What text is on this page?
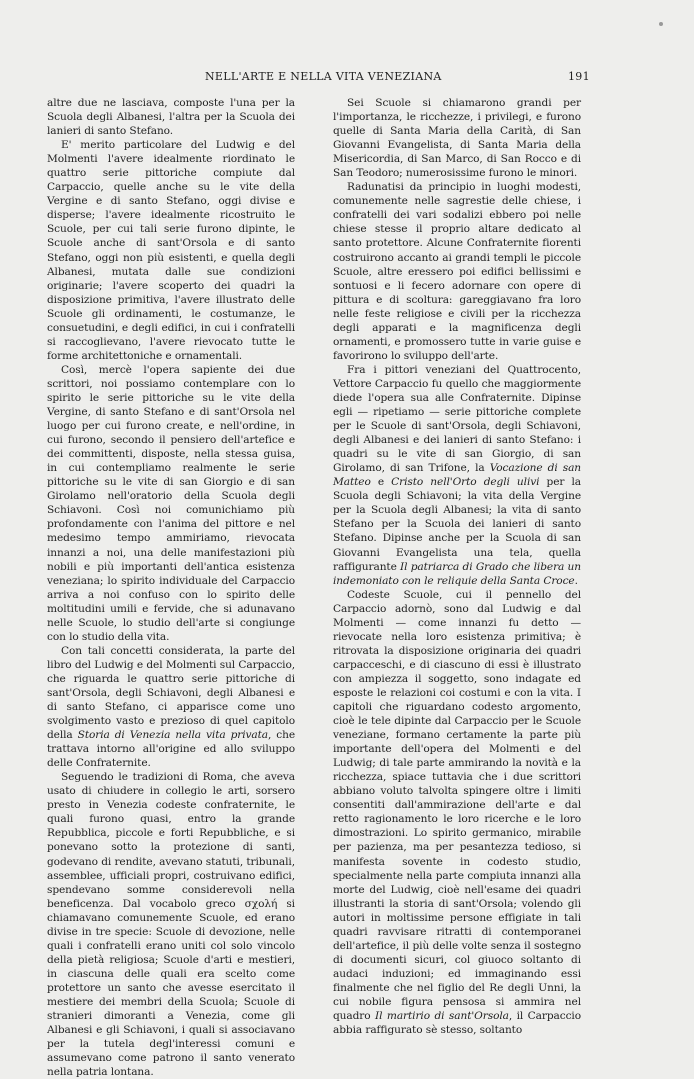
NELL'ARTE E NELLA VITA VENEZIANA	191

altre due ne lasciava, composte l'una per la Scuola degli Albanesi, l'altra per la Scuola dei lanieri di santo Stefano.

E' merito particolare del Ludwig e del Molmenti l'avere idealmente riordinato le quattro serie pittoriche compiute dal Carpaccio, quelle anche su le vite della Vergine e di santo Stefano, oggi divise e disperse; l'avere idealmente ricostruito le Scuole, per cui tali serie furono dipinte, le Scuole anche di sant'Orsola e di santo Stefano, oggi non più esistenti, e quella degli Albanesi, mutata dalle sue condizioni originarie; l'avere scoperto dei quadri la disposizione primitiva, l'avere illustrato delle Scuole gli ordinamenti, le costumanze, le consuetudini, e degli edifici, in cui i confratelli si raccoglievano, l'avere rievocato tutte le forme architettoniche e ornamentali.

Così, mercè l'opera sapiente dei due scrittori, noi possiamo contemplare con lo spirito le serie pittoriche su le vite della Vergine, di santo Stefano e di sant'Orsola nel luogo per cui furono create, e nell'ordine, in cui furono, secondo il pensiero dell'artefice e dei committenti, disposte, nella stessa guisa, in cui contempliamo realmente le serie pittoriche su le vite di san Giorgio e di san Girolamo nell'oratorio della Scuola degli Schiavoni. Così noi comunichiamo più profondamente con l'anima del pittore e nel medesimo tempo ammiriamo, rievocata innanzi a noi, una delle manifestazioni più nobili e più importanti dell'antica esistenza veneziana; lo spirito individuale del Carpaccio arriva a noi confuso con lo spirito delle moltitudini umili e fervide, che si adunavano nelle Scuole, lo studio dell'arte si congiunge con lo studio della vita.

Con tali concetti considerata, la parte del libro del Ludwig e del Molmenti sul Carpaccio, che riguarda le quattro serie pittoriche di sant'Orsola, degli Schiavoni, degli Albanesi e di santo Stefano, ci apparisce come uno svolgimento vasto e prezioso di quel capitolo della Storia di Venezia nella vita privata, che trattava intorno all'origine ed allo sviluppo delle Confraternite.

Seguendo le tradizioni di Roma, che aveva usato di chiudere in collegio le arti, sorsero presto in Venezia codeste confraternite, le quali furono quasi, entro la grande Repubblica, piccole e forti Repubbliche, e si ponevano sotto la protezione di santi, godevano di rendite, avevano statuti, tribunali, assemblee, ufficiali propri, costruivano edifici, spendevano somme considerevoli nella beneficenza. Dal vocabolo greco σχολή si chiamavano comunemente Scuole, ed erano divise in tre specie: Scuole di devozione, nelle quali i confratelli erano uniti col solo vincolo della pietà religiosa; Scuole d'arti e mestieri, in ciascuna delle quali era scelto come protettore un santo che avesse esercitato il mestiere dei membri della Scuola; Scuole di stranieri dimoranti a Venezia, come gli Albanesi e gli Schiavoni, i quali si associavano per la tutela degl'interessi comuni e assumevano come patrono il santo venerato nella patria lontana.

Sei Scuole si chiamarono grandi per l'importanza, le ricchezze, i privilegi, e furono quelle di Santa Maria della Carità, di San Giovanni Evangelista, di Santa Maria della Misericordia, di San Marco, di San Rocco e di San Teodoro; numerosissime furono le minori.

Radunatisi da principio in luoghi modesti, comunemente nelle sagrestie delle chiese, i confratelli dei vari sodalizi ebbero poi nelle chiese stesse il proprio altare dedicato al santo protettore. Alcune Confraternite fiorenti costruirono accanto ai grandi templi le piccole Scuole, altre eressero poi edifici bellissimi e sontuosi e li fecero adornare con opere di pittura e di scoltura: gareggiavano fra loro nelle feste religiose e civili per la ricchezza degli apparati e la magnificenza degli ornamenti, e promossero tutte in varie guise e favorirono lo sviluppo dell'arte.

Fra i pittori veneziani del Quattrocento, Vettore Carpaccio fu quello che maggiormente diede l'opera sua alle Confraternite. Dipinse egli — ripetiamo — serie pittoriche complete per le Scuole di sant'Orsola, degli Schiavoni, degli Albanesi e dei lanieri di santo Stefano: i quadri su le vite di san Giorgio, di san Girolamo, di san Trifone, la Vocazione di san Matteo e Cristo nell'Orto degli ulivi per la Scuola degli Schiavoni; la vita della Vergine per la Scuola degli Albanesi; la vita di santo Stefano per la Scuola dei lanieri di santo Stefano. Dipinse anche per la Scuola di san Giovanni Evangelista una tela, quella raffigurante Il patriarca di Grado che libera un indemoniato con le reliquie della Santa Croce.

Codeste Scuole, cui il pennello del Carpaccio adornò, sono dal Ludwig e dal Molmenti — come innanzi fu detto — rievocate nella loro esistenza primitiva; è ritrovata la disposizione originaria dei quadri carpacceschi, e di ciascuno di essi è illustrato con ampiezza il soggetto, sono indagate ed esposte le relazioni coi costumi e con la vita. I capitoli che riguardano codesto argomento, cioè le tele dipinte dal Carpaccio per le Scuole veneziane, formano certamente la parte più importante dell'opera del Molmenti e del Ludwig; di tale parte ammirando la novità e la ricchezza, spiace tuttavia che i due scrittori abbiano voluto talvolta spingere oltre i limiti consentiti dall'ammirazione dell'arte e dal retto ragionamento le loro ricerche e le loro dimostrazioni. Lo spirito germanico, mirabile per pazienza, ma per pesantezza tedioso, si manifesta sovente in codesto studio, specialmente nella parte compiuta innanzi alla morte del Ludwig, cioè nell'esame dei quadri illustranti la storia di sant'Orsola; volendo gli autori in moltissime persone effigiate in tali quadri ravvisare ritratti di contemporanei dell'artefice, il più delle volte senza il sostegno di documenti sicuri, col giuoco soltanto di audaci induzioni; ed immaginando essi finalmente che nel figlio del Re degli Unni, la cui nobile figura pensosa si ammira nel quadro Il martirio di sant'Orsola, il Carpaccio abbia raffigurato sè stesso, soltanto
